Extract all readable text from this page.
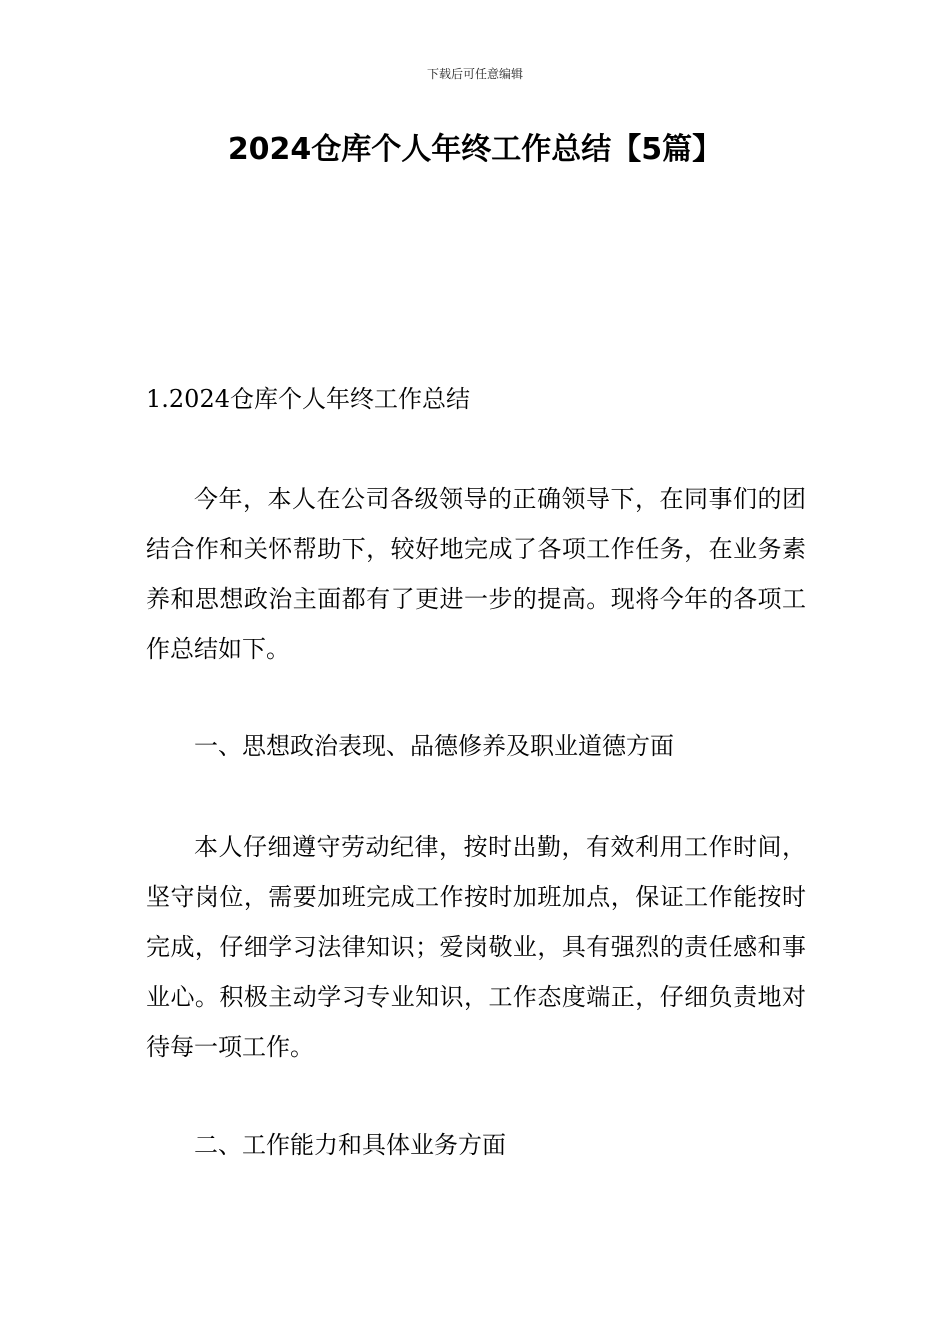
下载后可任意编辑
2024仓库个人年终工作总结【5篇】
1.2024仓库个人年终工作总结

今年，本人在公司各级领导的正确领导下，在同事们的团结合作和关怀帮助下，较好地完成了各项工作任务，在业务素养和思想政治主面都有了更进一步的提高。现将今年的各项工作总结如下。

一、思想政治表现、品德修养及职业道德方面

本人仔细遵守劳动纪律，按时出勤，有效利用工作时间，坚守岗位，需要加班完成工作按时加班加点，保证工作能按时完成，仔细学习法律知识；爱岗敬业，具有强烈的责任感和事业心。积极主动学习专业知识，工作态度端正，仔细负责地对待每一项工作。

二、工作能力和具体业务方面
